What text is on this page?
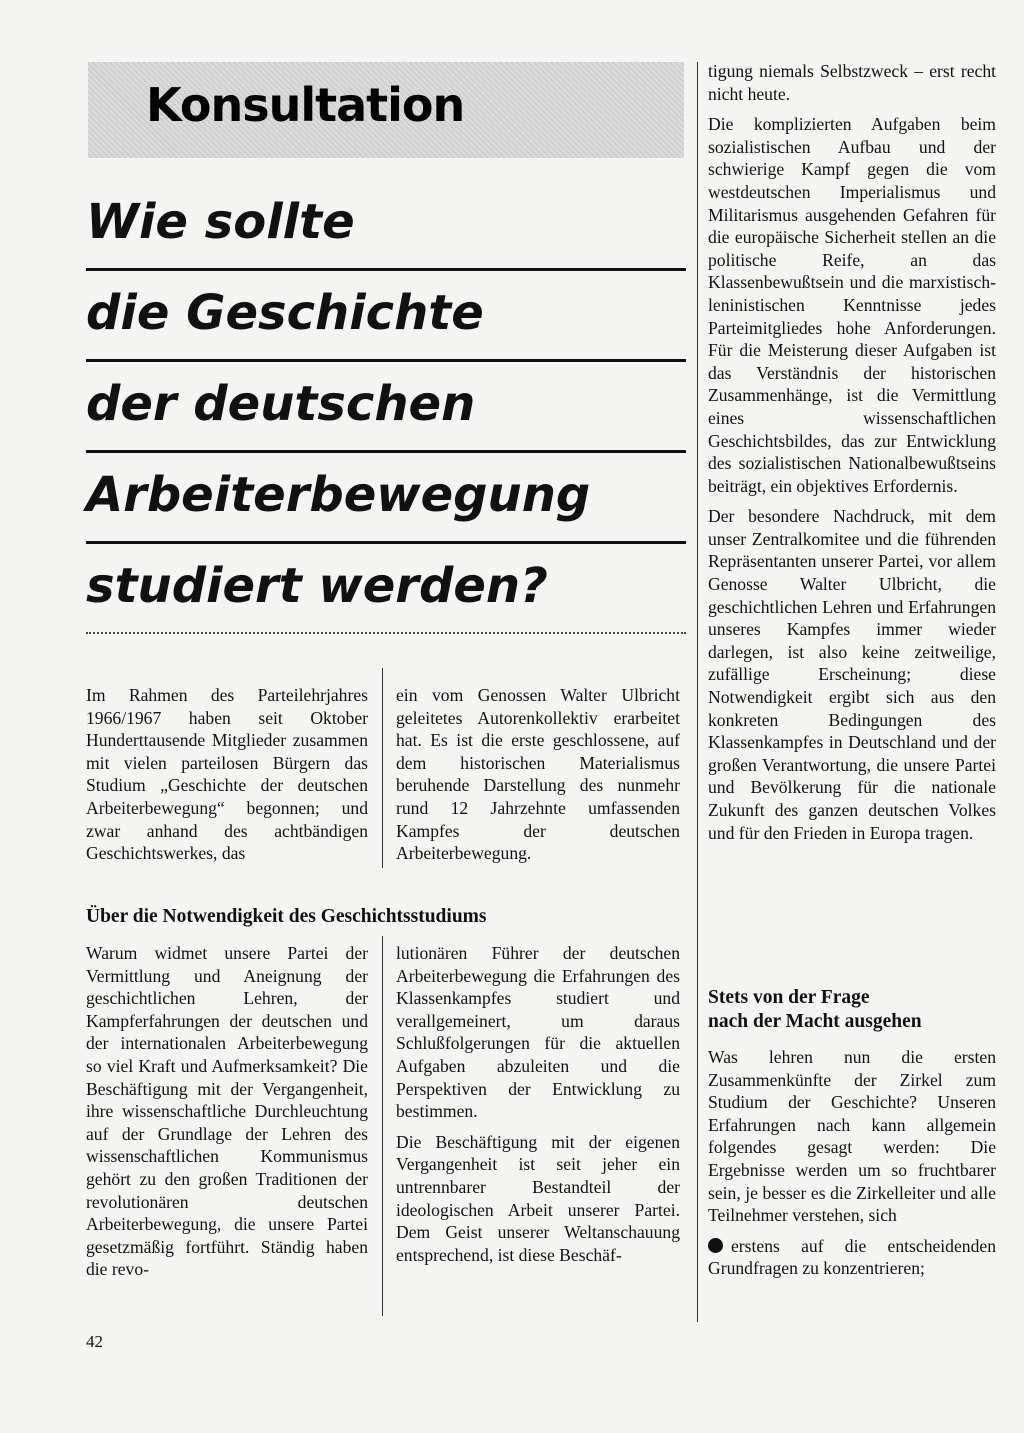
Konsultation
Wie sollte
die Geschichte
der deutschen
Arbeiterbewegung
studiert werden?

Im Rahmen des Parteilehrjahres 1966/1967 haben seit Oktober Hunderttausende Mitglieder zusammen mit vielen parteilosen Bürgern das Studium „Geschichte der deutschen Arbeiterbewegung“ begonnen; und zwar anhand des achtbändigen Geschichtswerkes, das

ein vom Genossen Walter Ulbricht geleitetes Autorenkollektiv erarbeitet hat. Es ist die erste geschlossene, auf dem historischen Materialismus beruhende Darstellung des nunmehr rund 12 Jahrzehnte umfassenden Kampfes der deutschen Arbeiterbewegung.

Über die Notwendigkeit des Geschichtsstudiums

Warum widmet unsere Partei der Vermittlung und Aneignung der geschichtlichen Lehren, der Kampferfahrungen der deutschen und der internationalen Arbeiterbewegung so viel Kraft und Aufmerksamkeit? Die Beschäftigung mit der Vergangenheit, ihre wissenschaftliche Durchleuchtung auf der Grundlage der Lehren des wissenschaftlichen Kommunismus gehört zu den großen Traditionen der revolutionären deutschen Arbeiterbewegung, die unsere Partei gesetzmäßig fortführt. Ständig haben die revo-

lutionären Führer der deutschen Arbeiterbewegung die Erfahrungen des Klassenkampfes studiert und verallgemeinert, um daraus Schlußfolgerungen für die aktuellen Aufgaben abzuleiten und die Perspektiven der Entwicklung zu bestimmen.

Die Beschäftigung mit der eigenen Vergangenheit ist seit jeher ein untrennbarer Bestandteil der ideologischen Arbeit unserer Partei. Dem Geist unserer Weltanschauung entsprechend, ist diese Beschäf-

tigung niemals Selbstzweck – erst recht nicht heute.

Die komplizierten Aufgaben beim sozialistischen Aufbau und der schwierige Kampf gegen die vom westdeutschen Imperialismus und Militarismus ausgehenden Gefahren für die europäische Sicherheit stellen an die politische Reife, an das Klassenbewußtsein und die marxistisch-leninistischen Kenntnisse jedes Parteimitgliedes hohe Anforderungen. Für die Meisterung dieser Aufgaben ist das Verständnis der historischen Zusammenhänge, ist die Vermittlung eines wissenschaftlichen Geschichtsbildes, das zur Entwicklung des sozialistischen Nationalbewußtseins beiträgt, ein objektives Erfordernis.

Der besondere Nachdruck, mit dem unser Zentralkomitee und die führenden Repräsentanten unserer Partei, vor allem Genosse Walter Ulbricht, die geschichtlichen Lehren und Erfahrungen unseres Kampfes immer wieder darlegen, ist also keine zeitweilige, zufällige Erscheinung; diese Notwendigkeit ergibt sich aus den konkreten Bedingungen des Klassenkampfes in Deutschland und der großen Verantwortung, die unsere Partei und Bevölkerung für die nationale Zukunft des ganzen deutschen Volkes und für den Frieden in Europa tragen.

Stets von der Frage
nach der Macht ausgehen

Was lehren nun die ersten Zusammenkünfte der Zirkel zum Studium der Geschichte? Unseren Erfahrungen nach kann allgemein folgendes gesagt werden: Die Ergebnisse werden um so fruchtbarer sein, je besser es die Zirkelleiter und alle Teilnehmer verstehen, sich

erstens auf die entscheidenden Grundfragen zu konzentrieren;

42
